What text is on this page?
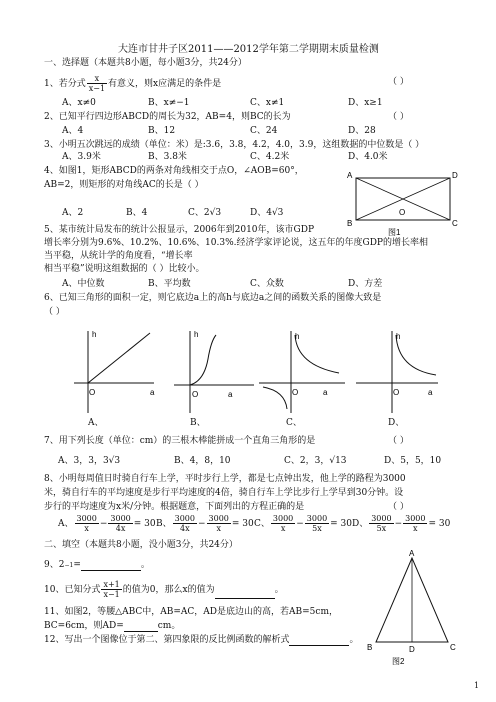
大连市甘井子区2011——2012学年第二学期期末质量检测
一、选择题（本题共8小题，每小题3分，共24分）
1、若分式 $\frac{x}{x-1}$ 有意义，则x应满足的条件是	（ ）
A、x≠0	B、x≠−1	C、x≠1	D、x≥1
2、已知平行四边形ABCD的周长为32，AB=4，则BC的长为	（ ）
A、4	B、12	C、24	D、28
3、小明五次跳远的成绩（单位：米）是:3.6，3.8，4.2，4.0，3.9，这组数据的中位数是（ ）
A、3.9米	B、3.8米	C、4.2米	D、4.0米
4、如图1，矩形ABCD的两条对角线相交于点O，∠AOB=60°，
AB=2，则矩形的对角线AC的长是（ ）
A、2	B、4	C、2√3	D、4√3
A	D
B	C
O
图1
5、某市统计局发布的统计公报显示，2006年到2010年，该市GDP
增长率分别为9.6%、10.2%、10.6%、10.3%.经济学家评论说，这五年的年度GDP的增长率相
当平稳，从统计学的角度看，“增长率
相当平稳”说明这组数据的（ ）比较小。
A、中位数	B、平均数	C、众数	D、方差
6、已知三角形的面积一定，则它底边a上的高h与底边a之间的函数关系的图像大致是
（ ）
h
O	a
h
O	a
h
O	a
h
O	a
A、	B、	C、	D、
7、用下列长度（单位：cm）的三根木棒能拼成一个直角三角形的是	（ ）
A、3，3，3√3	B、4，8，10	C、2，3，√13	D、5，5，10
8、小明每周值日时骑自行车上学，平时步行上学，都是七点钟出发，他上学的路程为3000
米，骑自行车的平均速度是步行平均速度的4倍，骑自行车上学比步行上学早到30分钟。设
步行的平均速度为x米/分钟。根据题意，下面列出的方程正确的是	（ ）
A、 $\frac{3000}{x} - \frac{3000}{4x} = 30$ B、 $\frac{3000}{4x} - \frac{3000}{x} = 30$ C、 $\frac{3000}{x} - \frac{3000}{5x} = 30$ D、 $\frac{3000}{5x} - \frac{3000}{x} = 30$
二、填空（本题共8小题，没小题3分，共24分）
9、$2^{-1}=$	。
10、已知分式 $\frac{x+1}{x-1}$ 的值为0，那么x的值为	。
11、如图2，等腰△ABC中，AB=AC，AD是底边山的高，若AB=5cm，
BC=6cm，则AD=	cm。
12、写出一个图像位于第二、第四象限的反比例函数的解析式	。
A
B	D	C
图2
1
